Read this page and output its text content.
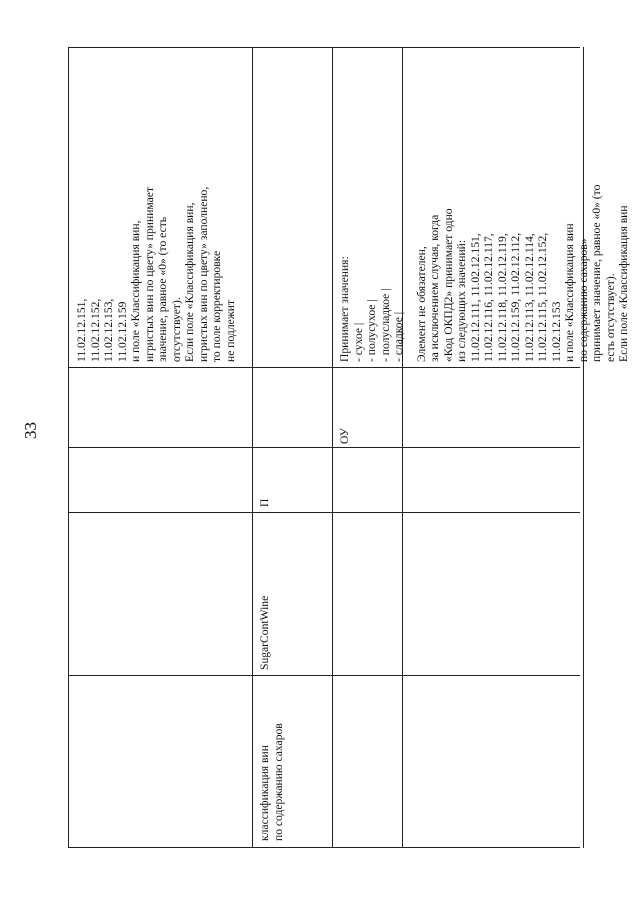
33
11.02.12.151, 11.02.12.152, 11.02.12.153, 11.02.12.159 и поле «Классификация вин, игристых вин по цвету» принимает значение, равное «0» (то есть отсутствует). Если поле «Классификация вин, игристых вин по цвету» заполнено, то поле корректировке не подлежит
классификация вин по содержанию сахаров
SugarContWine
П
ОУ
Принимает значения: - сухое | - полусухое | - полусладкое | - сладкое | Элемент не обязателен, за исключением случая, когда «Код ОКПД2» принимает одно из следующих значений: 11.02.12.111, 11.02.12.151, 11.02.12.116, 11.02.12.117, 11.02.12.118, 11.02.12.119, 11.02.12.159, 11.02.12.112, 11.02.12.113, 11.02.12.114, 11.02.12.115, 11.02.12.152, 11.02.12.153 и поле «Классификация вин по содержанию сахаров» принимает значение, равное «0» (то есть отсутствует). Если поле «Классификация вин
